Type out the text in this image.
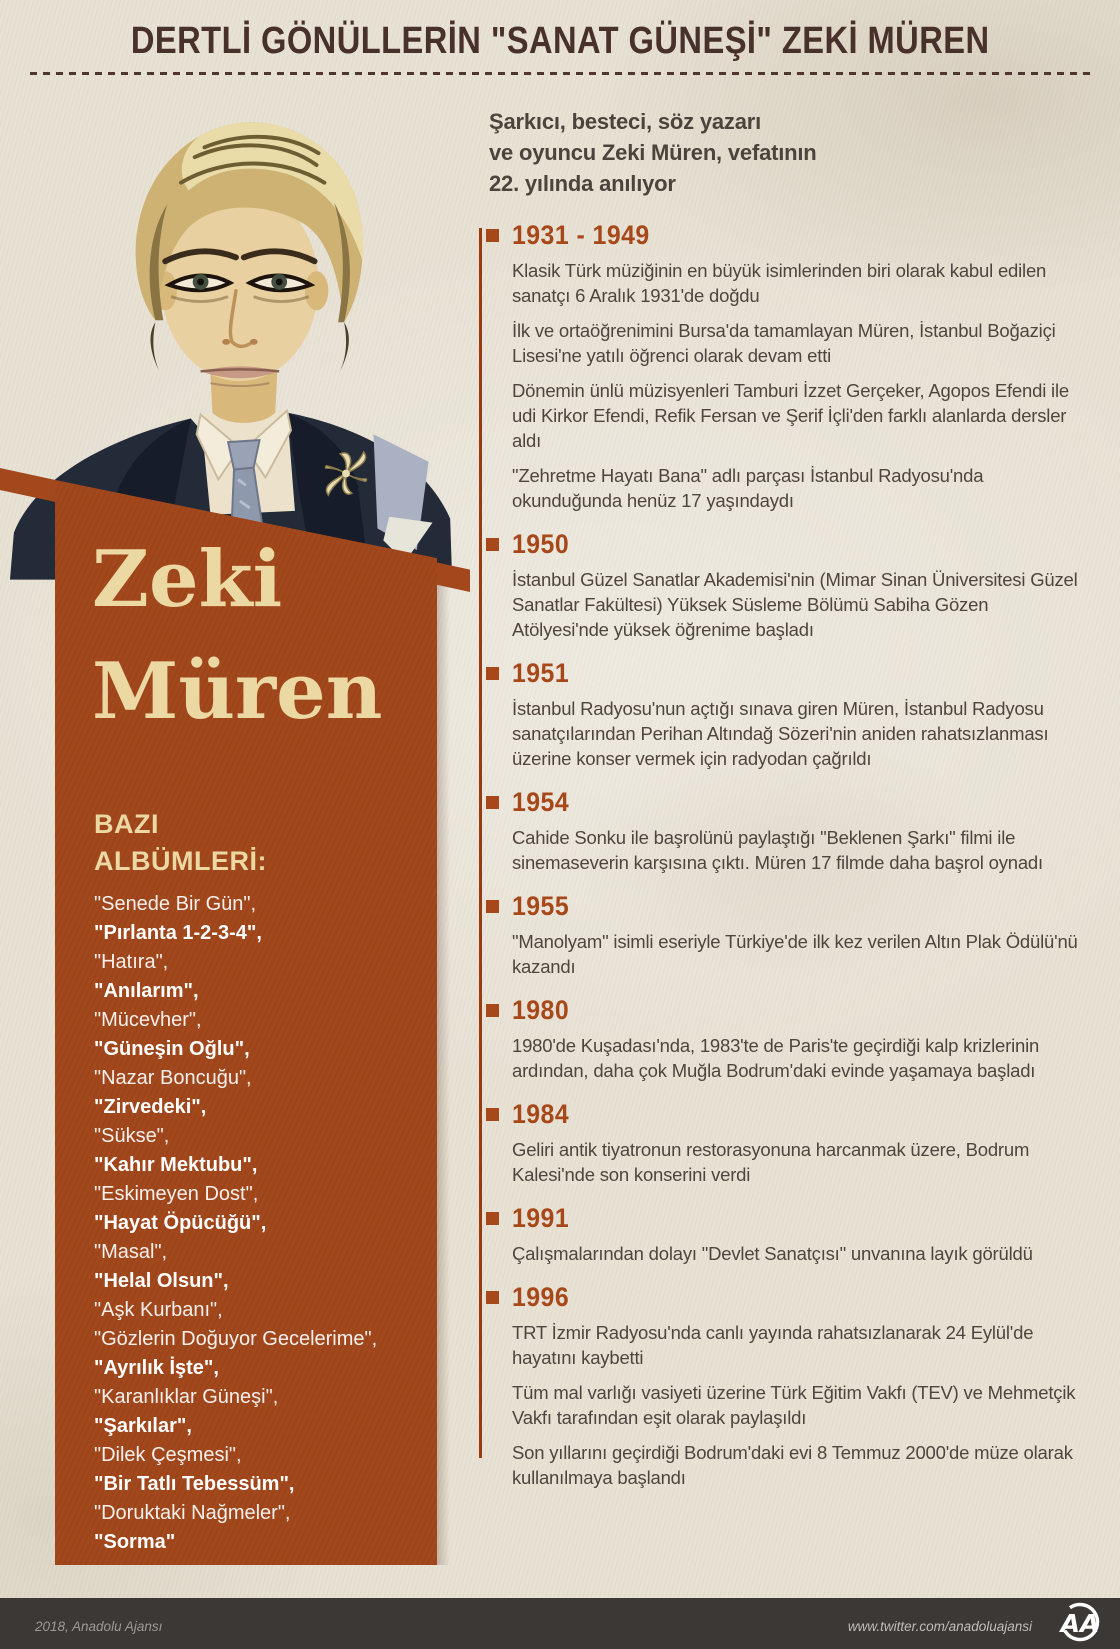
DERTLİ GÖNÜLLERİN "SANAT GÜNEŞİ" ZEKİ MÜREN
Şarkıcı, besteci, söz yazarı
ve oyuncu Zeki Müren, vefatının
22. yılında anılıyor
1931 - 1949

Klasik Türk müziğinin en büyük isimlerinden biri olarak kabul edilen sanatçı 6 Aralık 1931'de doğdu

İlk ve ortaöğrenimini Bursa'da tamamlayan Müren, İstanbul Boğaziçi Lisesi'ne yatılı öğrenci olarak devam etti

Dönemin ünlü müzisyenleri Tamburi İzzet Gerçeker, Agopos Efendi ile udi Kirkor Efendi, Refik Fersan ve Şerif İçli'den farklı alanlarda dersler aldı

"Zehretme Hayatı Bana" adlı parçası İstanbul Radyosu'nda okunduğunda henüz 17 yaşındaydı

1950

İstanbul Güzel Sanatlar Akademisi'nin (Mimar Sinan Üniversitesi Güzel Sanatlar Fakültesi) Yüksek Süsleme Bölümü Sabiha Gözen Atölyesi'nde yüksek öğrenime başladı

1951

İstanbul Radyosu'nun açtığı sınava giren Müren, İstanbul Radyosu sanatçılarından Perihan Altındağ Sözeri'nin aniden rahatsızlanması üzerine konser vermek için radyodan çağrıldı

1954

Cahide Sonku ile başrolünü paylaştığı "Beklenen Şarkı" filmi ile sinemaseverin karşısına çıktı. Müren 17 filmde daha başrol oynadı

1955

"Manolyam" isimli eseriyle Türkiye'de ilk kez verilen Altın Plak Ödülü'nü kazandı

1980

1980'de Kuşadası'nda, 1983'te de Paris'te geçirdiği kalp krizlerinin ardından, daha çok Muğla Bodrum'daki evinde yaşamaya başladı

1984

Geliri antik tiyatronun restorasyonuna harcanmak üzere, Bodrum Kalesi'nde son konserini verdi

1991

Çalışmalarından dolayı "Devlet Sanatçısı" unvanına layık görüldü

1996

TRT İzmir Radyosu'nda canlı yayında rahatsızlanarak 24 Eylül'de hayatını kaybetti

Tüm mal varlığı vasiyeti üzerine Türk Eğitim Vakfı (TEV) ve Mehmetçik Vakfı tarafından eşit olarak paylaşıldı

Son yıllarını geçirdiği Bodrum'daki evi 8 Temmuz 2000'de müze olarak kullanılmaya başlandı

Zeki
Müren
BAZI
ALBÜMLERİ:
"Senede Bir Gün",
"Pırlanta 1-2-3-4",
"Hatıra",
"Anılarım",
"Mücevher",
"Güneşin Oğlu",
"Nazar Boncuğu",
"Zirvedeki",
"Sükse",
"Kahır Mektubu",
"Eskimeyen Dost",
"Hayat Öpücüğü",
"Masal",
"Helal Olsun",
"Aşk Kurbanı",
"Gözlerin Doğuyor Gecelerime",
"Ayrılık İşte",
"Karanlıklar Güneşi",
"Şarkılar",
"Dilek Çeşmesi",
"Bir Tatlı Tebessüm",
"Doruktaki Nağmeler",
"Sorma"
2018, Anadolu Ajansı	www.twitter.com/anadoluajansi AA
